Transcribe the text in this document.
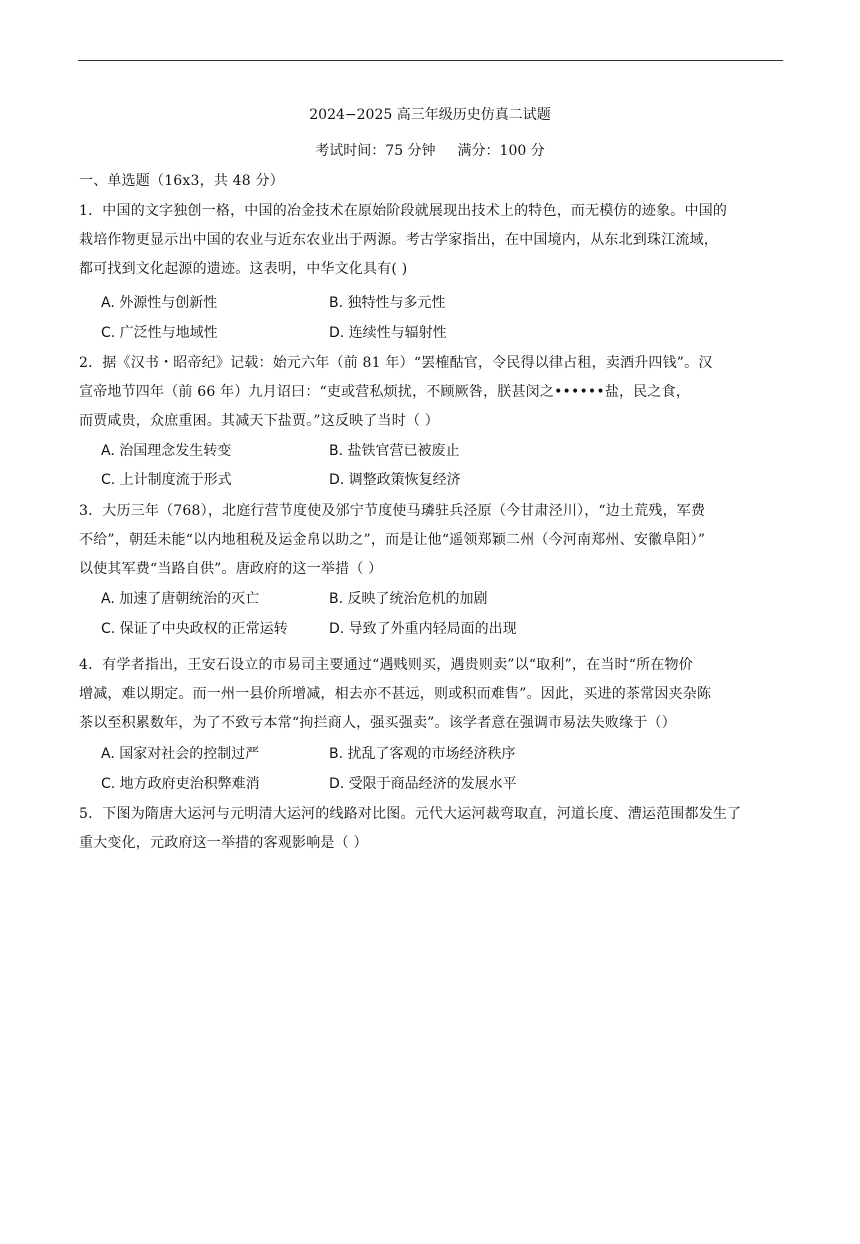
2024−2025 高三年级历史仿真二试题
考试时间：75 分钟 满分：100 分
一、单选题（16x3，共 48 分）
1．中国的文字独创一格，中国的冶金技术在原始阶段就展现出技术上的特色，而无模仿的迹象。中国的
栽培作物更显示出中国的农业与近东农业出于两源。考古学家指出，在中国境内，从东北到珠江流域，
都可找到文化起源的遗迹。这表明，中华文化具有( )
A. 外源性与创新性	B. 独特性与多元性
C. 广泛性与地域性	D. 连续性与辐射性
2．据《汉书・昭帝纪》记载：始元六年（前 81 年）“罢榷酤官，令民得以律占租，卖酒升四钱”。汉
宣帝地节四年（前 66 年）九月诏曰：“吏或营私烦扰，不顾厥咎，朕甚闵之••••••盐，民之食，
而贾咸贵，众庶重困。其减天下盐贾。”这反映了当时（ ）
A. 治国理念发生转变	B. 盐铁官营已被废止
C. 上计制度流于形式	D. 调整政策恢复经济
3．大历三年（768），北庭行营节度使及邠宁节度使马璘驻兵泾原（今甘肃泾川），“边土荒残，军费
不给”，朝廷未能“以内地租税及运金帛以助之”，而是让他“遥领郑颖二州（今河南郑州、安徽阜阳）”
以使其军费“当路自供”。唐政府的这一举措（ ）
A. 加速了唐朝统治的灭亡	B. 反映了统治危机的加剧
C. 保证了中央政权的正常运转	D. 导致了外重内轻局面的出现
4．有学者指出，王安石设立的市易司主要通过“遇贱则买，遇贵则卖”以“取利”，在当时“所在物价
增减，难以期定。而一州一县价所增减，相去亦不甚远，则或积而难售”。因此，买进的茶常因夹杂陈
茶以至积累数年，为了不致亏本常“拘拦商人，强买强卖”。该学者意在强调市易法失败缘于（）
A. 国家对社会的控制过严	B. 扰乱了客观的市场经济秩序
C. 地方政府吏治积弊难消	D. 受限于商品经济的发展水平
5．下图为隋唐大运河与元明清大运河的线路对比图。元代大运河裁弯取直，河道长度、漕运范围都发生了
重大变化，元政府这一举措的客观影响是（ ）
